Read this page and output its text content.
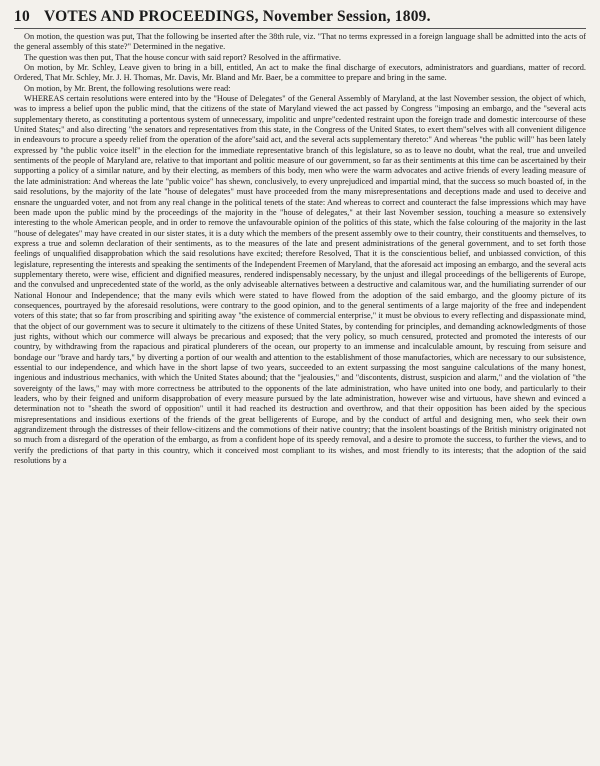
10 VOTES AND PROCEEDINGS, November Session, 1809.

On motion, the question was put, That the following be inserted after the 38th rule, viz. "That no terms expressed in a foreign language shall be admitted into the acts of the general assembly of this state?" Determined in the negative.

The question was then put, That the house concur with said report? Resolved in the affirmative.

On motion, by Mr. Schley, Leave given to bring in a bill, entitled, An act to make the final discharge of executors, administrators and guardians, matter of record. Ordered, That Mr. Schley, Mr. J. H. Thomas, Mr. Davis, Mr. Bland and Mr. Baer, be a committee to prepare and bring in the same.

On motion, by Mr. Brent, the following resolutions were read:

WHEREAS certain resolutions were entered into by the "House of Delegates" of the General Assembly of Maryland, at the last November session, the object of which, was to impress a belief upon the public mind, that the citizens of the state of Maryland viewed the act passed by Congress "imposing an embargo, and the "several acts supplementary thereto, as constituting a portentous system of unnecessary, impolitic and unpre"cedented restraint upon the foreign trade and domestic intercourse of these United States;" and also directing "the senators and representatives from this state, in the Congress of the United States, to exert them"selves with all convenient diligence in endeavours to procure a speedy relief from the operation of the afore"said act, and the several acts supplementary thereto:" And whereas "the public will" has been lately expressed by "the public voice itself" in the election for the immediate representative branch of this legislature, so as to leave no doubt, what the real, true and unveiled sentiments of the people of Maryland are, relative to that important and politic measure of our government, so far as their sentiments at this time can be ascertained by their supporting a policy of a similar nature, and by their electing, as members of this body, men who were the warm advocates and active friends of every leading measure of the late administration: And whereas the late "public voice" has shewn, conclusively, to every unprejudiced and impartial mind, that the success so much boasted of, in the said resolutions, by the majority of the late "house of delegates" must have proceeded from the many misrepresentations and deceptions made and used to deceive and ensnare the unguarded voter, and not from any real change in the political tenets of the state: And whereas to correct and counteract the false impressions which may have been made upon the public mind by the proceedings of the majority in the "house of delegates," at their last November session, touching a measure so extensively interesting to the whole American people, and in order to remove the unfavourable opinion of the politics of this state, which the false colouring of the majority in the last "house of delegates" may have created in our sister states, it is a duty which the members of the present assembly owe to their country, their constituents and themselves, to express a true and solemn declaration of their sentiments, as to the measures of the late and present administrations of the general government, and to set forth those feelings of unqualified disapprobation which the said resolutions have excited; therefore Resolved, That it is the conscientious belief, and unbiassed conviction, of this legislature, representing the interests and speaking the sentiments of the Independent Freemen of Maryland, that the aforesaid act imposing an embargo, and the several acts supplementary thereto, were wise, efficient and dignified measures, rendered indispensably necessary, by the unjust and illegal proceedings of the belligerents of Europe, and the convulsed and unprecedented state of the world, as the only adviseable alternatives between a destructive and calamitous war, and the humiliating surrender of our National Honour and Independence; that the many evils which were stated to have flowed from the adoption of the said embargo, and the gloomy picture of its consequences, pourtrayed by the aforesaid resolutions, were contrary to the good opinion, and to the general sentiments of a large majority of the free and independent voters of this state; that so far from proscribing and spiriting away "the existence of commercial enterprise," it must be obvious to every reflecting and dispassionate mind, that the object of our government was to secure it ultimately to the citizens of these United States, by contending for principles, and demanding acknowledgments of those just rights, without which our commerce will always be precarious and exposed; that the very policy, so much censured, protected and promoted the interests of our country, by withdrawing from the rapacious and piratical plunderers of the ocean, our property to an immense and incalculable amount, by rescuing from seisure and bondage our "brave and hardy tars," by diverting a portion of our wealth and attention to the establishment of those manufactories, which are necessary to our subsistence, essential to our independence, and which have in the short lapse of two years, succeeded to an extent surpassing the most sanguine calculations of the many honest, ingenious and industrious mechanics, with which the United States abound; that the "jealousies," and "discontents, distrust, suspicion and alarm," and the violation of "the sovereignty of the laws," may with more correctness be attributed to the opponents of the late administration, who have united into one body, and particularly to their leaders, who by their feigned and uniform disapprobation of every measure pursued by the late administration, however wise and virtuous, have shewn and evinced a determination not to "sheath the sword of opposition" until it had reached its destruction and overthrow, and that their opposition has been aided by the specious misrepresentations and insidious exertions of the friends of the great belligerents of Europe, and by the conduct of artful and designing men, who seek their own aggrandizement through the distresses of their fellow-citizens and the commotions of their native country; that the insolent boastings of the British ministry originated not so much from a disregard of the operation of the embargo, as from a confident hope of its speedy removal, and a desire to promote the success, to further the views, and to verify the predictions of that party in this country, which it conceived most compliant to its wishes, and most friendly to its interests; that the adoption of the said resolutions by a
